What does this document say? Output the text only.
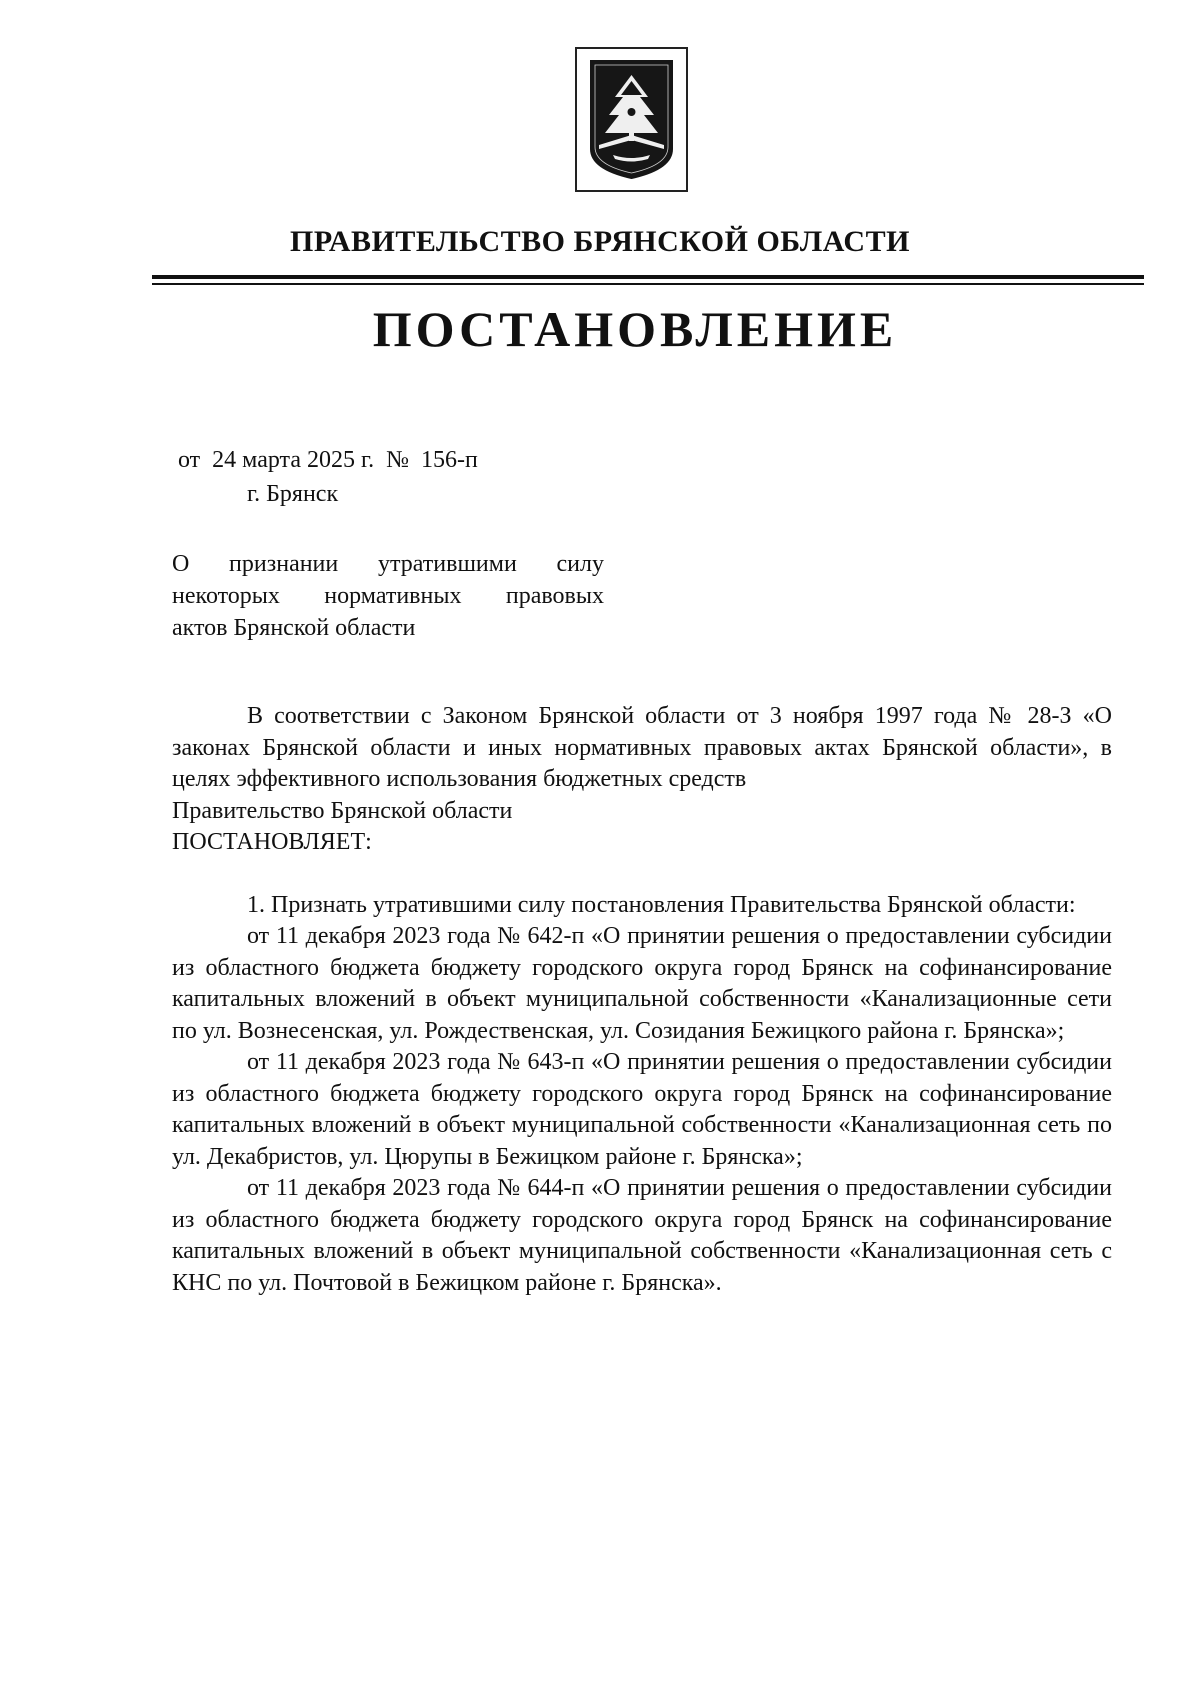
ПРАВИТЕЛЬСТВО БРЯНСКОЙ ОБЛАСТИ
ПОСТАНОВЛЕНИЕ
от  24 марта 2025 г.  №  156-п
г. Брянск
О признании утратившими силу
некоторых нормативных правовых
актов Брянской области

В соответствии с Законом Брянской области от 3 ноября 1997 года № 28-З «О законах Брянской области и иных нормативных правовых актах Брянской области», в целях эффективного использования бюджетных средств

Правительство Брянской области

ПОСТАНОВЛЯЕТ:

1. Признать утратившими силу постановления Правительства Брянской области:

от 11 декабря 2023 года № 642-п «О принятии решения о предоставлении субсидии из областного бюджета бюджету городского округа город Брянск на софинансирование капитальных вложений в объект муниципальной собственности «Канализационные сети по ул. Вознесенская, ул. Рождественская, ул. Созидания Бежицкого района г. Брянска»;

от 11 декабря 2023 года № 643-п «О принятии решения о предоставлении субсидии из областного бюджета бюджету городского округа город Брянск на софинансирование капитальных вложений в объект муниципальной собственности «Канализационная сеть по ул. Декабристов, ул. Цюрупы в Бежицком районе г. Брянска»;

от 11 декабря 2023 года № 644-п «О принятии решения о предоставлении субсидии из областного бюджета бюджету городского округа город Брянск на софинансирование капитальных вложений в объект муниципальной собственности «Канализационная сеть с КНС по ул. Почтовой в Бежицком районе г. Брянска».
